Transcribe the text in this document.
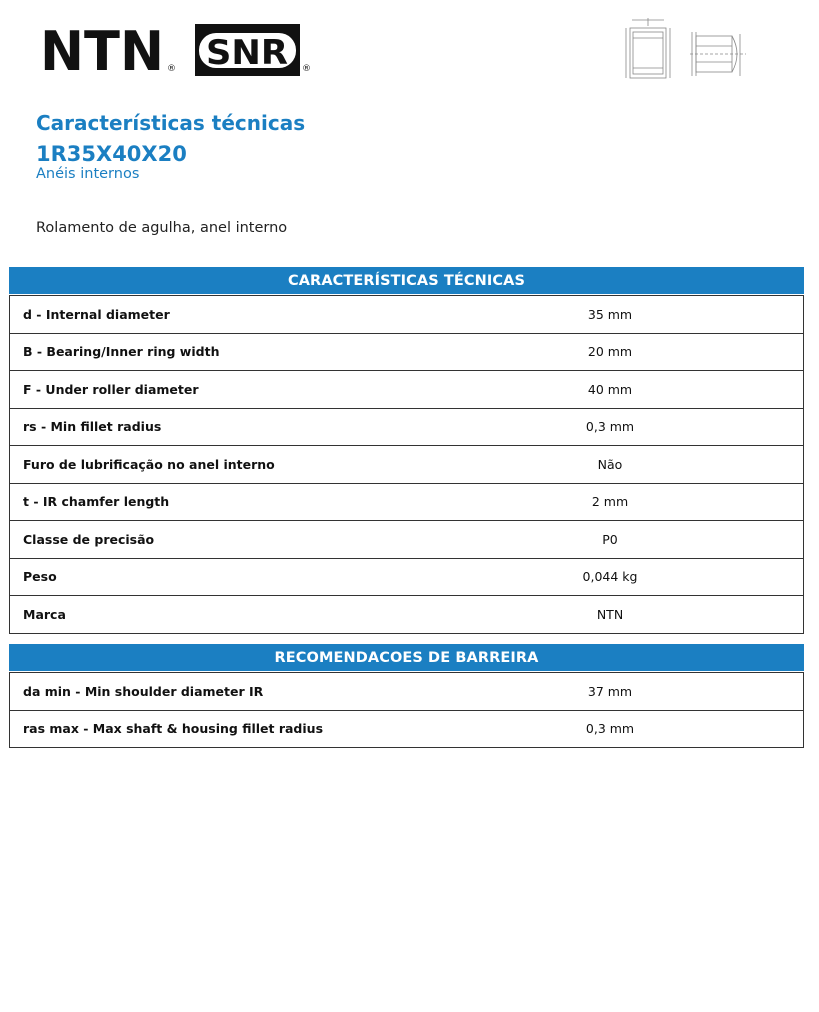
NTN ® SNR ®
Características técnicas
1R35X40X20
Anéis internos
Rolamento de agulha, anel interno
CARACTERÍSTICAS TÉCNICAS
d - Internal diameter	35 mm
B - Bearing/Inner ring width	20 mm
F - Under roller diameter	40 mm
rs - Min fillet radius	0,3 mm
Furo de lubrificação no anel interno	Não
t - IR chamfer length	2 mm
Classe de precisão	P0
Peso	0,044 kg
Marca	NTN
RECOMENDACOES DE BARREIRA
da min - Min shoulder diameter IR	37 mm
ras max - Max shaft & housing fillet radius	0,3 mm
